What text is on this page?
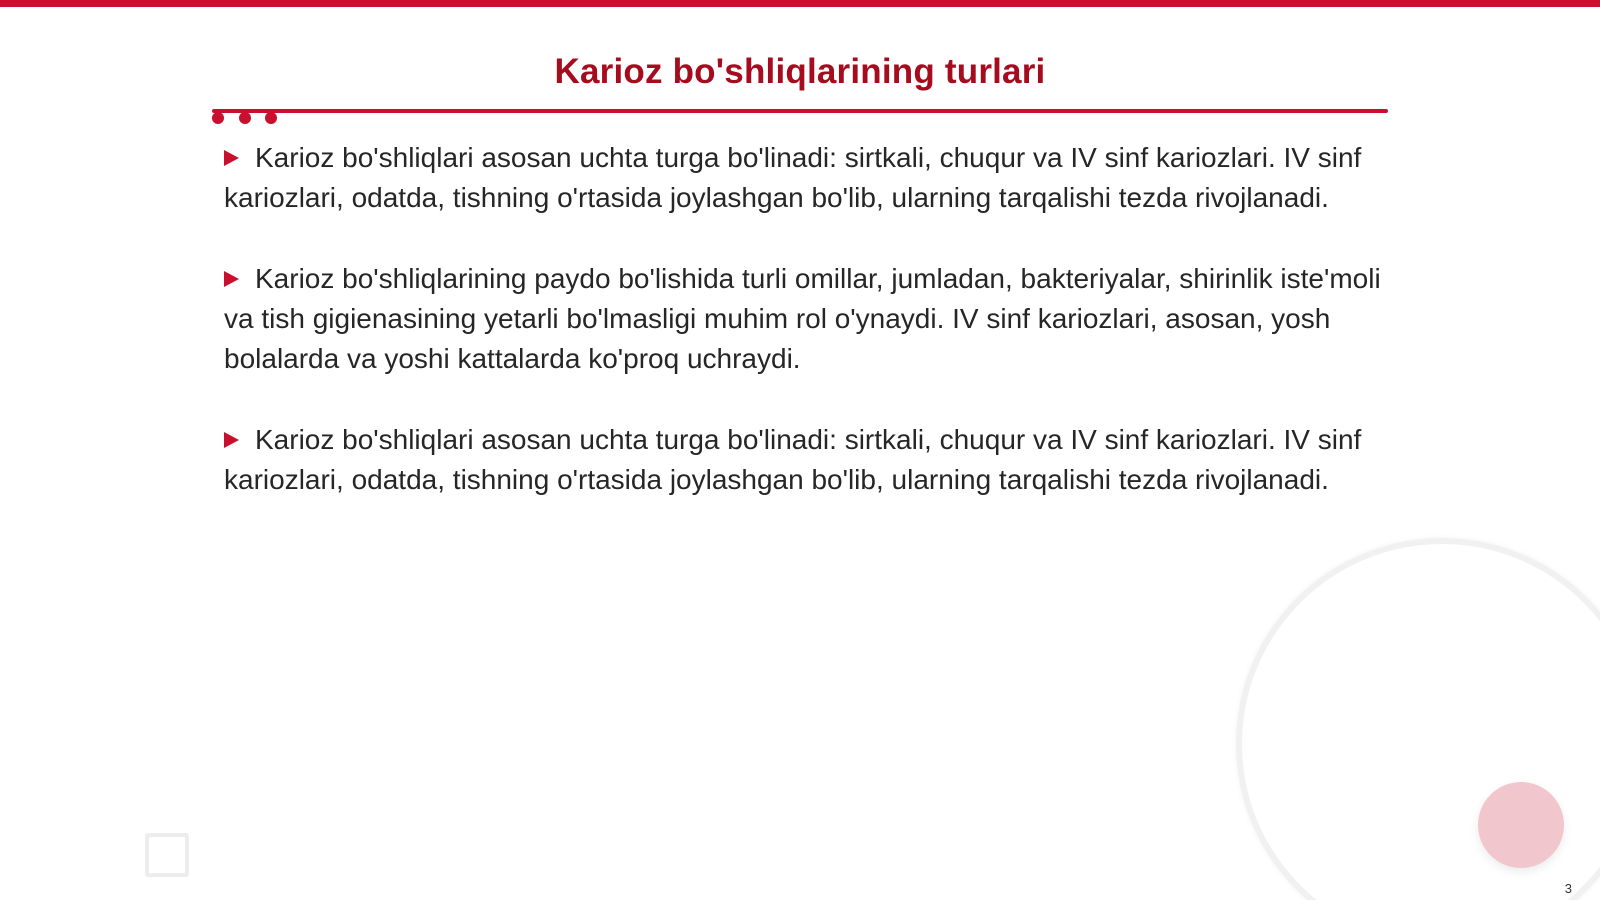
Karioz bo'shliqlarining turlari

Karioz bo'shliqlari asosan uchta turga bo'linadi: sirtkali, chuqur va IV sinf kariozlari. IV sinf kariozlari, odatda, tishning o'rtasida joylashgan bo'lib, ularning tarqalishi tezda rivojlanadi.

Karioz bo'shliqlarining paydo bo'lishida turli omillar, jumladan, bakteriyalar, shirinlik iste'moli va tish gigienasining yetarli bo'lmasligi muhim rol o'ynaydi. IV sinf kariozlari, asosan, yosh bolalarda va yoshi kattalarda ko'proq uchraydi.

Karioz bo'shliqlari asosan uchta turga bo'linadi: sirtkali, chuqur va IV sinf kariozlari. IV sinf kariozlari, odatda, tishning o'rtasida joylashgan bo'lib, ularning tarqalishi tezda rivojlanadi.

3
